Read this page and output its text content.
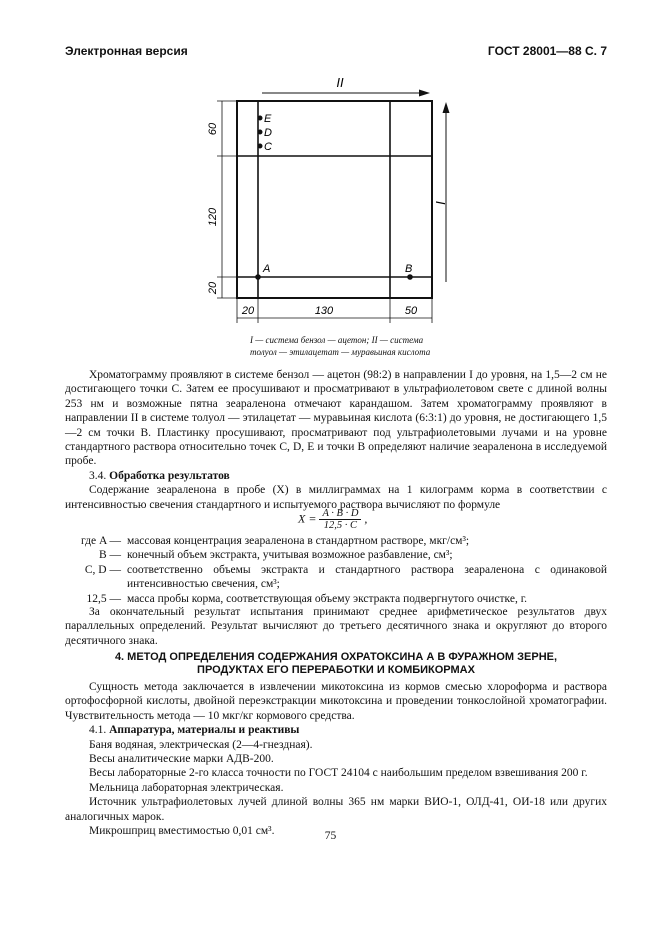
Электронная версия	ГОСТ 28001—88 С. 7
II
I
E
D
C
A	B
60
120
20
20	130	50
I — система бензол — ацетон; II — система
толуол — этилацетат — муравьиная кислота

Хроматограмму проявляют в системе бензол — ацетон (98:2) в направлении I до уровня, на 1,5—2 см не достигающего точки C. Затем ее просушивают и просматривают в ультрафиолетовом свете с длиной волны 253 нм и возможные пятна зеараленона отмечают карандашом. Затем хроматограмму проявляют в направлении II в системе толуол — этилацетат — муравьиная кислота (6:3:1) до уровня, не достигающего 1,5—2 см точки B. Пластинку просушивают, просматривают под ультрафиолетовыми лучами и на уровне стандартного раствора относительно точек C, D, E и точки B определяют наличие зеараленона в исследуемой пробе.

3.4. Обработка результатов

Содержание зеараленона в пробе (X) в миллиграммах на 1 килограмм корма в соответствии с интенсивностью свечения стандартного и испытуемого раствора вычисляют по формуле

$X = \frac{A \cdot B \cdot D}{12,5 \cdot C}$ ,
где A — массовая концентрация зеараленона в стандартном растворе, мкг/см³;
B — конечный объем экстракта, учитывая возможное разбавление, см³;
C, D — соответственно объемы экстракта и стандартного раствора зеараленона с одинаковой интенсивностью свечения, см³;
12,5 — масса пробы корма, соответствующая объему экстракта подвергнутого очистке, г.

За окончательный результат испытания принимают среднее арифметическое результатов двух параллельных определений. Результат вычисляют до третьего десятичного знака и округляют до второго десятичного знака.

4. МЕТОД ОПРЕДЕЛЕНИЯ СОДЕРЖАНИЯ ОХРАТОКСИНА А В ФУРАЖНОМ ЗЕРНЕ,
ПРОДУКТАХ ЕГО ПЕРЕРАБОТКИ И КОМБИКОРМАХ

Сущность метода заключается в извлечении микотоксина из кормов смесью хлороформа и раствора ортофосфорной кислоты, двойной переэкстракции микотоксина и проведении тонкослойной хроматографии. Чувствительность метода — 10 мкг/кг кормового средства.

4.1. Аппаратура, материалы и реактивы

Баня водяная, электрическая (2—4-гнездная).

Весы аналитические марки АДВ-200.

Весы лабораторные 2-го класса точности по ГОСТ 24104 с наибольшим пределом взвешивания 200 г.

Мельница лабораторная электрическая.

Источник ультрафиолетовых лучей длиной волны 365 нм марки ВИО-1, ОЛД-41, ОИ-18 или других аналогичных марок.

Микрошприц вместимостью 0,01 см³.	75
